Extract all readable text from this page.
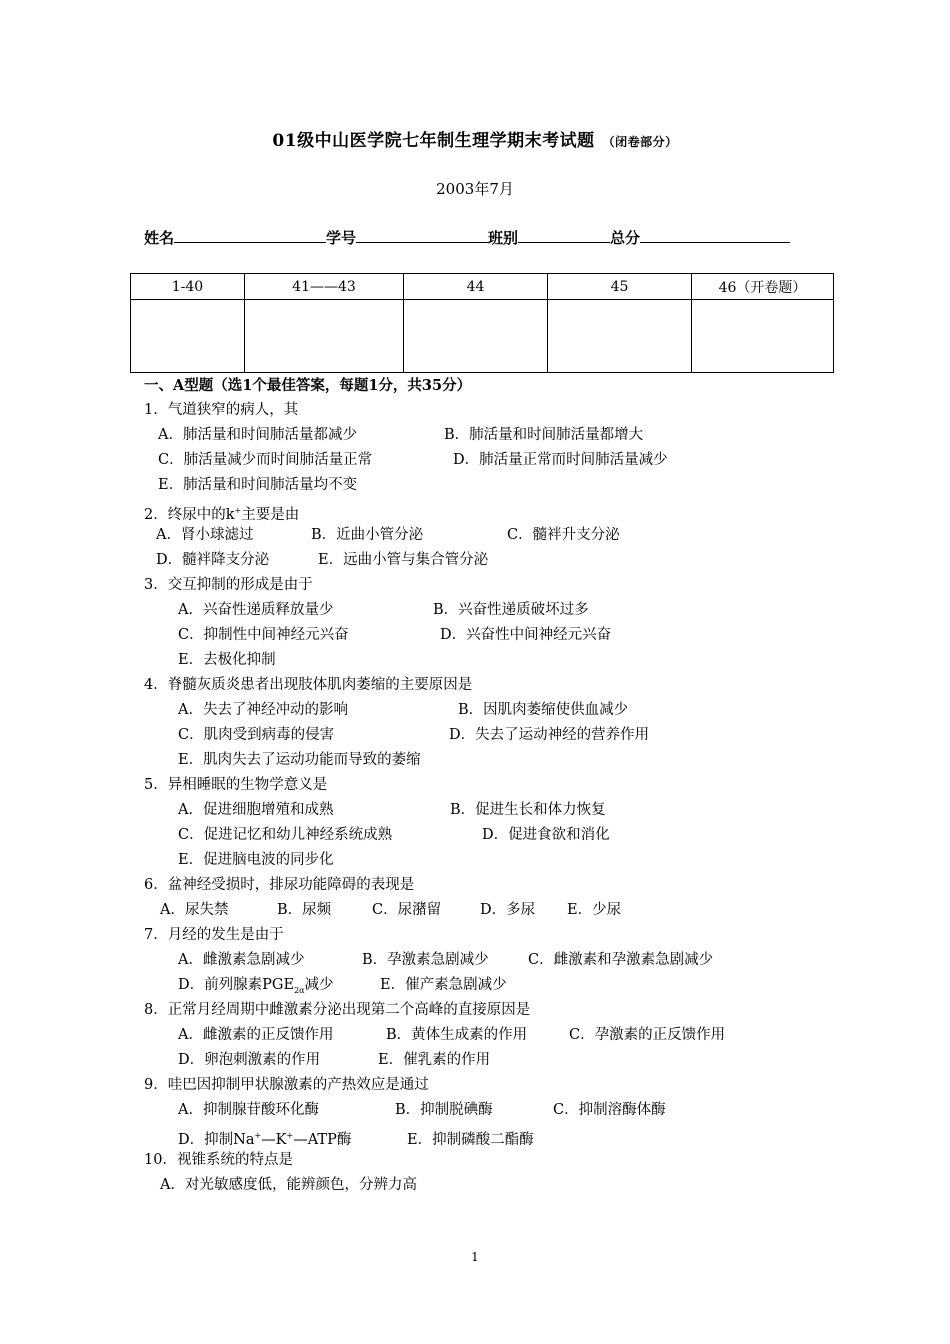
01级中山医学院七年制生理学期末考试题 （闭卷部分）
2003年7月
姓名	学号	班别	总分
1-40	41——43	44	45	46（开卷题）

一、A型题（选1个最佳答案，每题1分，共35分）
1．气道狭窄的病人，其
A．肺活量和时间肺活量都减少	B．肺活量和时间肺活量都增大
C．肺活量减少而时间肺活量正常	D．肺活量正常而时间肺活量减少
E．肺活量和时间肺活量均不变
2．终尿中的k+主要是由
A．肾小球滤过	B．近曲小管分泌	C．髓袢升支分泌
D．髓袢降支分泌	E．远曲小管与集合管分泌
3．交互抑制的形成是由于
A．兴奋性递质释放量少	B．兴奋性递质破坏过多
C．抑制性中间神经元兴奋	D．兴奋性中间神经元兴奋
E．去极化抑制
4．脊髓灰质炎患者出现肢体肌肉萎缩的主要原因是
A．失去了神经冲动的影响	B．因肌肉萎缩使供血减少
C．肌肉受到病毒的侵害	D．失去了运动神经的营养作用
E．肌肉失去了运动功能而导致的萎缩
5．异相睡眠的生物学意义是
A．促进细胞增殖和成熟	B．促进生长和体力恢复
C．促进记忆和幼儿神经系统成熟	D．促进食欲和消化
E．促进脑电波的同步化
6．盆神经受损时，排尿功能障碍的表现是
A．尿失禁	B．尿频	C．尿潴留	D．多尿 E．少尿
7．月经的发生是由于
A．雌激素急剧减少	B．孕激素急剧减少	C．雌激素和孕激素急剧减少
D．前列腺素$PGE_{2\alpha}$减少	E．催产素急剧减少
8．正常月经周期中雌激素分泌出现第二个高峰的直接原因是
A．雌激素的正反馈作用	B．黄体生成素的作用	C．孕激素的正反馈作用
D．卵泡刺激素的作用	E．催乳素的作用
9．哇巴因抑制甲状腺激素的产热效应是通过
A．抑制腺苷酸环化酶	B．抑制脱碘酶	C．抑制溶酶体酶
D．抑制Na+—K+—ATP酶	E．抑制磷酸二酯酶
10．视锥系统的特点是
A．对光敏感度低，能辨颜色，分辨力高
1
